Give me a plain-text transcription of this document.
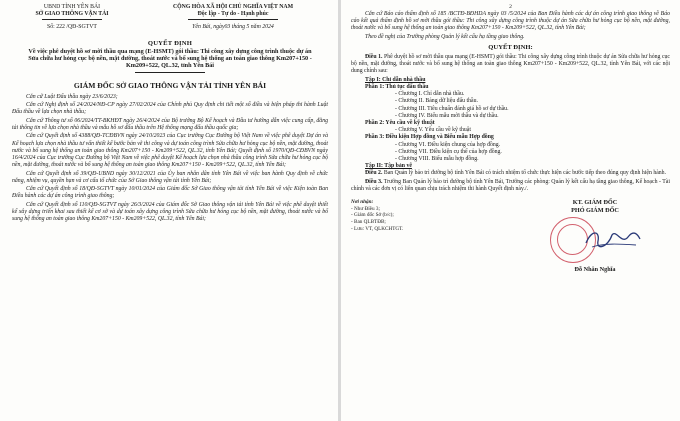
UBND TỈNH YÊN BÁI
SỞ GIAO THÔNG VẬN TẢI
CỘNG HÒA XÃ HỘI CHỦ NGHĨA VIỆT NAM
Độc lập - Tự do - Hạnh phúc
Số: 222 /QĐ-SGTVT	Yên Bái, ngày03 tháng 5 năm 2024
QUYẾT ĐỊNH
Về việc phê duyệt hồ sơ mời thầu qua mạng (E-HSMT) gói thầu: Thi công xây dựng công trình thuộc dự án Sửa chữa hư hỏng cục bộ nền, mặt đường, thoát nước và bổ sung hệ thống an toàn giao thông Km207+150 - Km209+522, QL.32, tỉnh Yên Bái
GIÁM ĐỐC SỞ GIAO THÔNG VẬN TẢI TỈNH YÊN BÁI
Căn cứ Luật Đấu thầu ngày 23/6/2023;
Căn cứ Nghị định số 24/2024/NĐ-CP ngày 27/02/2024 của Chính phủ Quy định chi tiết một số điều và biện pháp thi hành Luật Đấu thầu về lựa chọn nhà thầu;
Căn cứ Thông tư số 06/2024/TT-BKHĐT ngày 26/4/2024 của Bộ trưởng Bộ Kế hoạch và Đầu tư hướng dẫn việc cung cấp, đăng tải thông tin về lựa chọn nhà thầu và mẫu hồ sơ đấu thầu trên Hệ thống mạng đấu thầu quốc gia;
Căn cứ Quyết định số 4388/QĐ-TCĐBVN ngày 24/10/2023 của Cục trưởng Cục Đường bộ Việt Nam về việc phê duyệt Dự án và Kế hoạch lựa chọn nhà thầu tư vấn thiết kế bước bản vẽ thi công và dự toán công trình Sửa chữa hư hỏng cục bộ nền, mặt đường, thoát nước và bổ sung hệ thống an toàn giao thông Km207+150 - Km209+522, QL.32, tỉnh Yên Bái; Quyết định số 1970/QĐ-CĐBVN ngày 16/4/2024 của Cục trưởng Cục Đường bộ Việt Nam về việc phê duyệt Kế hoạch lựa chọn nhà thầu công trình Sửa chữa hư hỏng cục bộ nền, mặt đường, thoát nước và bổ sung hệ thống an toàn giao thông Km207+150 - Km209+522, QL.32, tỉnh Yên Bái;
Căn cứ Quyết định số 39/QĐ-UBND ngày 30/12/2021 của Ủy ban nhân dân tỉnh Yên Bái về việc ban hành Quy định về chức năng, nhiệm vụ, quyền hạn và cơ cấu tổ chức của Sở Giao thông vận tải tỉnh Yên Bái;
Căn cứ Quyết định số 18/QĐ-SGTVT ngày 10/01/2024 của Giám đốc Sở Giao thông vận tải tỉnh Yên Bái về việc Kiện toàn Ban Điều hành các dự án công trình giao thông;
Căn cứ Quyết định số 110/QĐ-SGTVT ngày 26/3/2024 của Giám đốc Sở Giao thông vận tải tỉnh Yên Bái về việc phê duyệt thiết kế xây dựng triển khai sau thiết kế cơ sở và dự toán xây dựng công trình Sửa chữa hư hỏng cục bộ nền, mặt đường, thoát nước và bổ sung hệ thống an toàn giao thông Km207+150 - Km209+522, QL.32, tỉnh Yên Bái;
2
Căn cứ Báo cáo thẩm định số 185 /BCTĐ-BĐHDA ngày 03 /5/2024 của Ban Điều hành các dự án công trình giao thông về Báo cáo kết quả thẩm định hồ sơ mời thầu gói thầu: Thi công xây dựng công trình thuộc dự án Sửa chữa hư hỏng cục bộ nền, mặt đường, thoát nước và bổ sung hệ thống an toàn giao thông Km207+150 - Km209+522, QL.32, tỉnh Yên Bái;
Theo đề nghị của Trưởng phòng Quản lý kết cấu hạ tầng giao thông.
QUYẾT ĐỊNH:
Điều 1. Phê duyệt hồ sơ mời thầu qua mạng (E-HSMT) gói thầu: Thi công xây dựng công trình thuộc dự án Sửa chữa hư hỏng cục bộ nền, mặt đường, thoát nước và bổ sung hệ thống an toàn giao thông Km207+150 - Km209+522, QL.32, tỉnh Yên Bái, với các nội dung chính sau:
Tập I: Chỉ dẫn nhà thầu
Phần 1: Thủ tục đấu thầu
- Chương I. Chỉ dẫn nhà thầu.
- Chương II. Bảng dữ liệu đấu thầu.
- Chương III. Tiêu chuẩn đánh giá hồ sơ dự thầu.
- Chương IV. Biểu mẫu mời thầu và dự thầu.
Phần 2: Yêu cầu về kỹ thuật
- Chương V. Yêu cầu về kỹ thuật
Phần 3: Điều kiện Hợp đồng và Biểu mẫu Hợp đồng
- Chương VI. Điều kiện chung của hợp đồng.
- Chương VII. Điều kiện cụ thể của hợp đồng.
- Chương VIII. Biểu mẫu hợp đồng.
Tập II: Tập bản vẽ
Điều 2. Ban Quản lý bảo trì đường bộ tỉnh Yên Bái có trách nhiệm tổ chức thực hiện các bước tiếp theo đúng quy định hiện hành.
Điều 3. Trưởng Ban Quản lý bảo trì đường bộ tỉnh Yên Bái, Trưởng các phòng: Quản lý kết cấu hạ tầng giao thông, Kế hoạch - Tài chính và các đơn vị có liên quan chịu trách nhiệm thi hành Quyết định này./.
Nơi nhận:
- Như Điều 3;
- Giám đốc Sở (b/c);
- Ban QLBTĐB;
- Lưu: VT, QLKCHTGT.
KT. GIÁM ĐỐC
PHÓ GIÁM ĐỐC
Đỗ Nhân Nghĩa
